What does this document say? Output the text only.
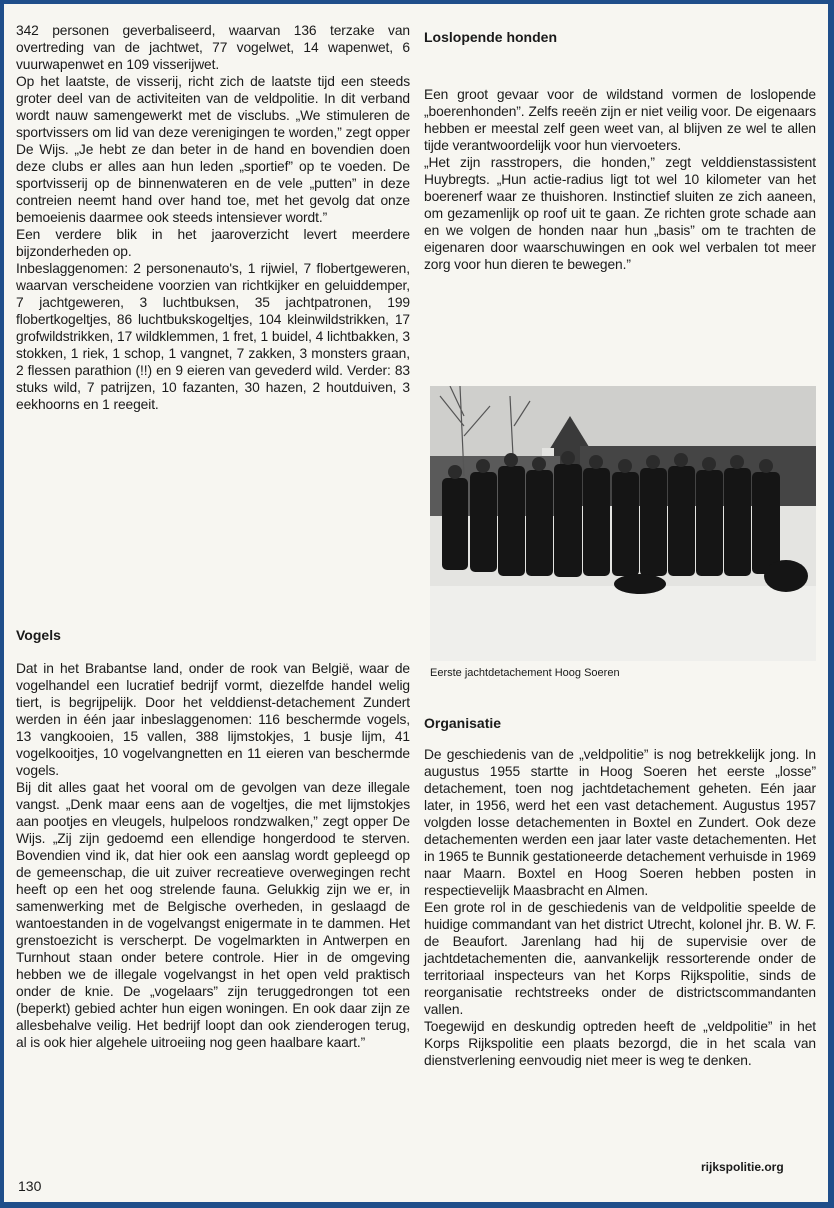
342 personen geverbaliseerd, waarvan 136 terzake van overtreding van de jachtwet, 77 vogelwet, 14 wapenwet, 6 vuurwapenwet en 109 visserijwet.

Op het laatste, de visserij, richt zich de laatste tijd een steeds groter deel van de activiteiten van de veldpolitie. In dit verband wordt nauw samengewerkt met de visclubs. „We stimuleren de sportvissers om lid van deze verenigingen te worden,” zegt opper De Wijs. „Je hebt ze dan beter in de hand en bovendien doen deze clubs er alles aan hun leden „sportief” op te voeden. De sportvisserij op de binnenwateren en de vele „putten” in deze contreien neemt hand over hand toe, met het gevolg dat onze bemoeienis daarmee ook steeds intensiever wordt.”

Een verdere blik in het jaaroverzicht levert meerdere bijzonderheden op.

Inbeslaggenomen: 2 personenauto's, 1 rijwiel, 7 flobertgeweren, waarvan verscheidene voorzien van richtkijker en geluiddemper, 7 jachtgeweren, 3 luchtbuksen, 35 jachtpatronen, 199 flobertkogeltjes, 86 luchtbukskogeltjes, 104 kleinwildstrikken, 17 grofwildstrikken, 17 wildklemmen, 1 fret, 1 buidel, 4 lichtbakken, 3 stokken, 1 riek, 1 schop, 1 vangnet, 7 zakken, 3 monsters graan, 2 flessen parathion (!!) en 9 eieren van gevederd wild. Verder: 83 stuks wild, 7 patrijzen, 10 fazanten, 30 hazen, 2 houtduiven, 3 eekhoorns en 1 reegeit.

Vogels

Dat in het Brabantse land, onder de rook van België, waar de vogelhandel een lucratief bedrijf vormt, diezelfde handel welig tiert, is begrijpelijk. Door het velddienst-detachement Zundert werden in één jaar inbeslaggenomen: 116 beschermde vogels, 13 vangkooien, 15 vallen, 388 lijmstokjes, 1 busje lijm, 41 vogelkooitjes, 10 vogelvangnetten en 11 eieren van beschermde vogels.

Bij dit alles gaat het vooral om de gevolgen van deze illegale vangst. „Denk maar eens aan de vogeltjes, die met lijmstokjes aan pootjes en vleugels, hulpeloos rondzwalken,” zegt opper De Wijs. „Zij zijn gedoemd een ellendige hongerdood te sterven. Bovendien vind ik, dat hier ook een aanslag wordt gepleegd op de gemeenschap, die uit zuiver recreatieve overwegingen recht heeft op een het oog strelende fauna. Gelukkig zijn we er, in samenwerking met de Belgische overheden, in geslaagd de wantoestanden in de vogelvangst enigermate in te dammen. Het grenstoezicht is verscherpt. De vogelmarkten in Antwerpen en Turnhout staan onder betere controle. Hier in de omgeving hebben we de illegale vogelvangst in het open veld praktisch onder de knie. De „vogelaars” zijn teruggedrongen tot een (beperkt) gebied achter hun eigen woningen. En ook daar zijn ze allesbehalve veilig. Het bedrijf loopt dan ook zienderogen terug, al is ook hier algehele uitroeiing nog geen haalbare kaart.”

Loslopende honden

Een groot gevaar voor de wildstand vormen de loslopende „boerenhonden”. Zelfs reeën zijn er niet veilig voor. De eigenaars hebben er meestal zelf geen weet van, al blijven ze wel te allen tijde verantwoordelijk voor hun viervoeters.

„Het zijn rasstropers, die honden,” zegt velddienstassistent Huybregts. „Hun actie-radius ligt tot wel 10 kilometer van het boerenerf waar ze thuishoren. Instinctief sluiten ze zich aaneen, om gezamenlijk op roof uit te gaan. Ze richten grote schade aan en we volgen de honden naar hun „basis” om te trachten de eigenaren door waarschuwingen en ook wel verbalen tot meer zorg voor hun dieren te bewegen.”

Eerste jachtdetachement Hoog Soeren
Organisatie

De geschiedenis van de „veldpolitie” is nog betrekkelijk jong. In augustus 1955 startte in Hoog Soeren het eerste „losse” detachement, toen nog jachtdetachement geheten. Eén jaar later, in 1956, werd het een vast detachement. Augustus 1957 volgden losse detachementen in Boxtel en Zundert. Ook deze detachementen werden een jaar later vaste detachementen. Het in 1965 te Bunnik gestationeerde detachement verhuisde in 1969 naar Maarn. Boxtel en Hoog Soeren hebben posten in respectievelijk Maasbracht en Almen.

Een grote rol in de geschiedenis van de veldpolitie speelde de huidige commandant van het district Utrecht, kolonel jhr. B. W. F. de Beaufort. Jarenlang had hij de supervisie over de jachtdetachementen die, aanvankelijk ressorterende onder de territoriaal inspecteurs van het Korps Rijkspolitie, sinds de reorganisatie rechtstreeks onder de districtscommandanten vallen.

Toegewijd en deskundig optreden heeft de „veldpolitie” in het Korps Rijkspolitie een plaats bezorgd, die in het scala van dienstverlening eenvoudig niet meer is weg te denken.

130
rijkspolitie.org
